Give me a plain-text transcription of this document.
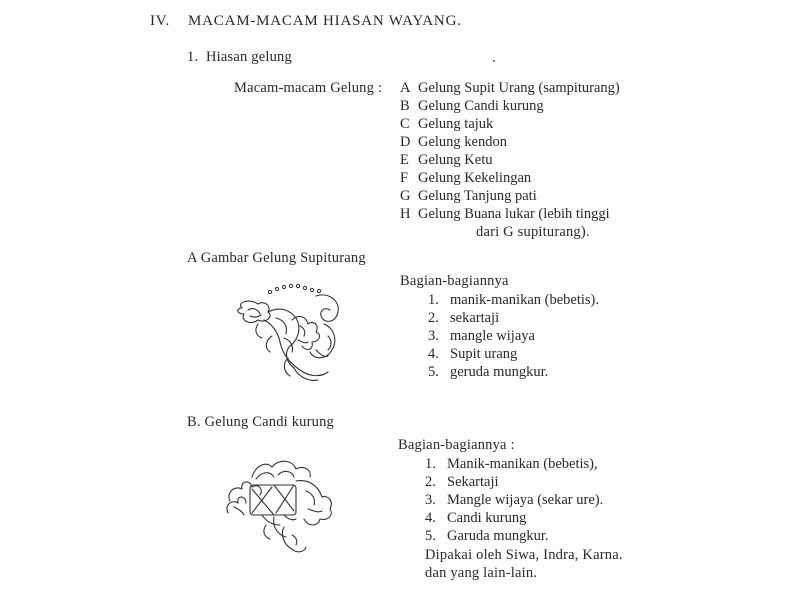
IV. MACAM-MACAM HIASAN WAYANG.
1. Hiasan gelung
Macam-macam Gelung : A Gelung Supit Urang (sampiturang)
B Gelung Candi kurung
C Gelung tajuk
D Gelung kendon
E Gelung Ketu
F Gelung Kekelingan
G Gelung Tanjung pati
H Gelung Buana lukar (lebih tinggi
dari G supiturang).
A Gambar Gelung Supiturang
Bagian-bagiannya
1. manik-manikan (bebetis).
2. sekartaji
3. mangle wijaya
4. Supit urang
5. geruda mungkur.
B. Gelung Candi kurung
Bagian-bagiannya :
1. Manik-manikan (bebetis),
2. Sekartaji
3. Mangle wijaya (sekar ure).
4. Candi kurung
5. Garuda mungkur.
Dipakai oleh Siwa, Indra, Karna.
dan yang lain-lain.
